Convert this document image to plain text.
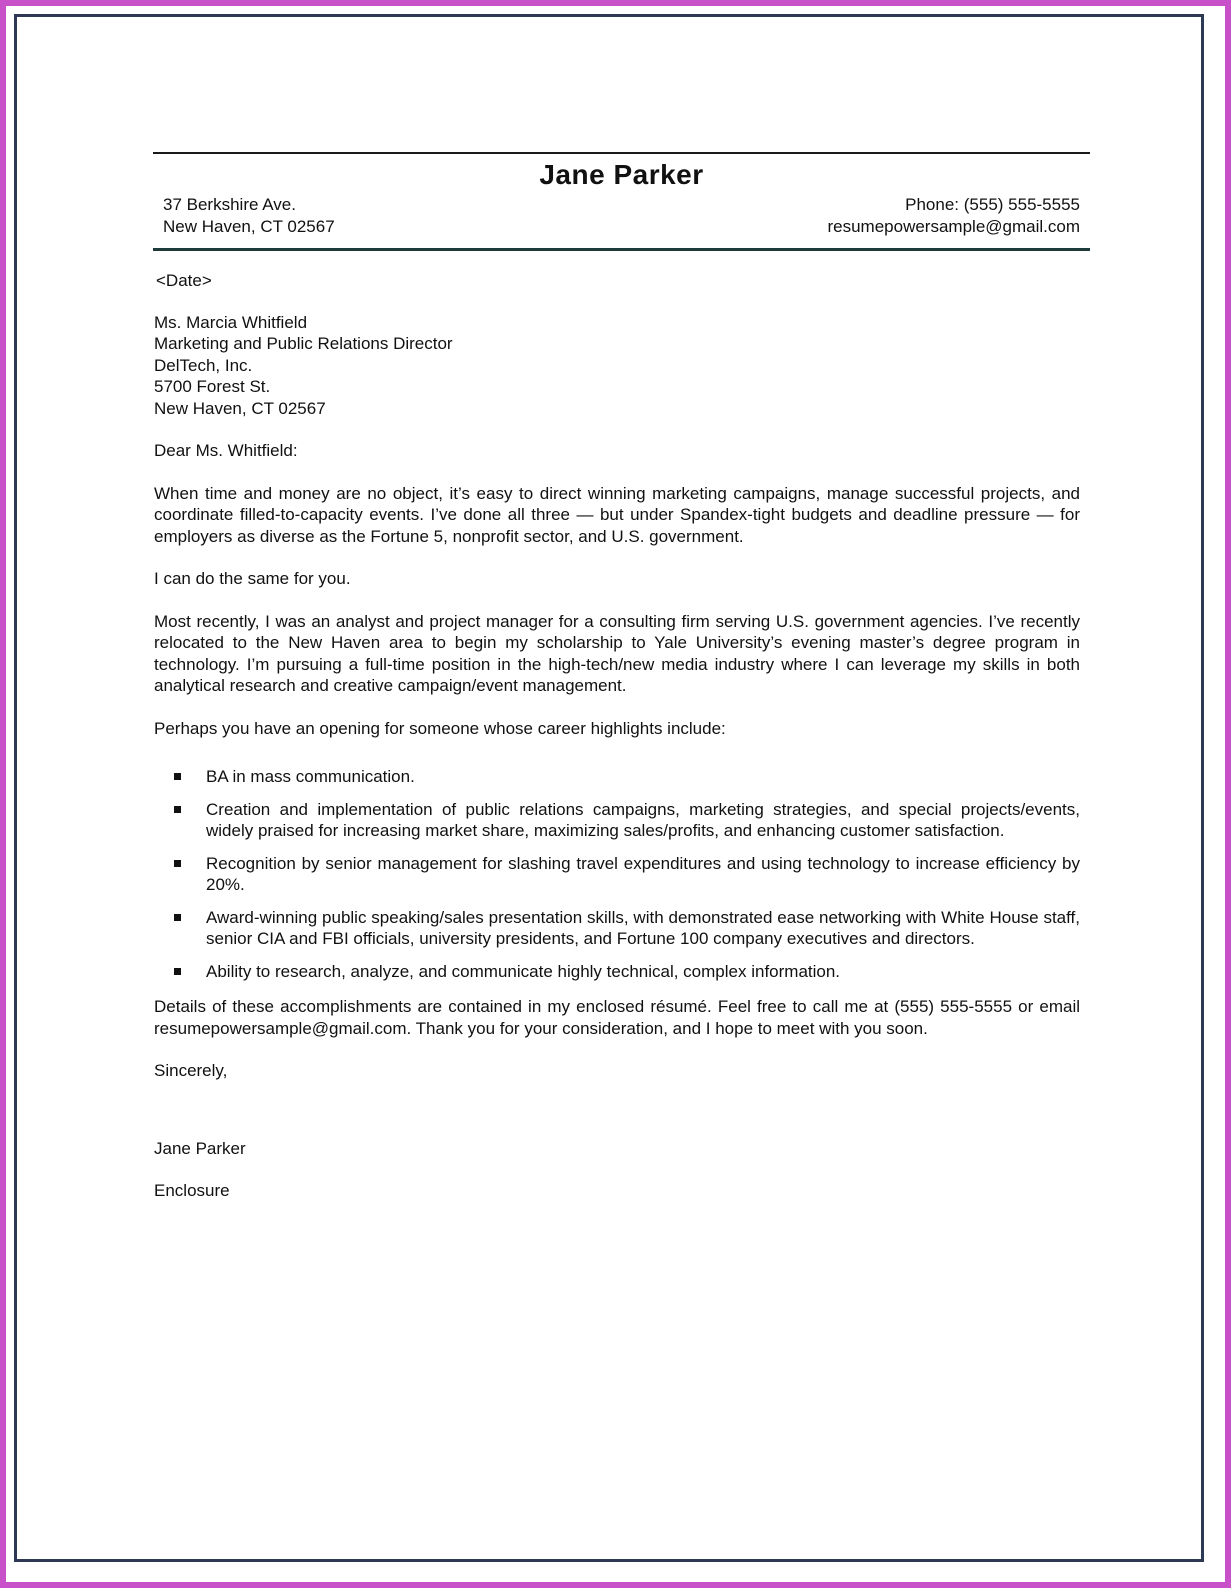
Jane Parker
37 Berkshire Ave.
New Haven, CT 02567
Phone: (555) 555-5555
resumepowersample@gmail.com

<Date>

Ms. Marcia Whitfield

Marketing and Public Relations Director

DelTech, Inc.

5700 Forest St.

New Haven, CT 02567

Dear Ms. Whitfield:

When time and money are no object, it’s easy to direct winning marketing campaigns, manage successful projects, and coordinate filled-to-capacity events. I’ve done all three — but under Spandex-tight budgets and deadline pressure — for employers as diverse as the Fortune 5, nonprofit sector, and U.S. government.

I can do the same for you.

Most recently, I was an analyst and project manager for a consulting firm serving U.S. government agencies. I’ve recently relocated to the New Haven area to begin my scholarship to Yale University’s evening master’s degree program in technology. I’m pursuing a full-time position in the high-tech/new media industry where I can leverage my skills in both analytical research and creative campaign/event management.

Perhaps you have an opening for someone whose career highlights include:

BA in mass communication.
Creation and implementation of public relations campaigns, marketing strategies, and special projects/events, widely praised for increasing market share, maximizing sales/profits, and enhancing customer satisfaction.
Recognition by senior management for slashing travel expenditures and using technology to increase efficiency by 20%.
Award-winning public speaking/sales presentation skills, with demonstrated ease networking with White House staff, senior CIA and FBI officials, university presidents, and Fortune 100 company executives and directors.
Ability to research, analyze, and communicate highly technical, complex information.

Details of these accomplishments are contained in my enclosed résumé. Feel free to call me at (555) 555-5555 or email resumepowersample@gmail.com. Thank you for your consideration, and I hope to meet with you soon.

Sincerely,

Jane Parker

Enclosure
